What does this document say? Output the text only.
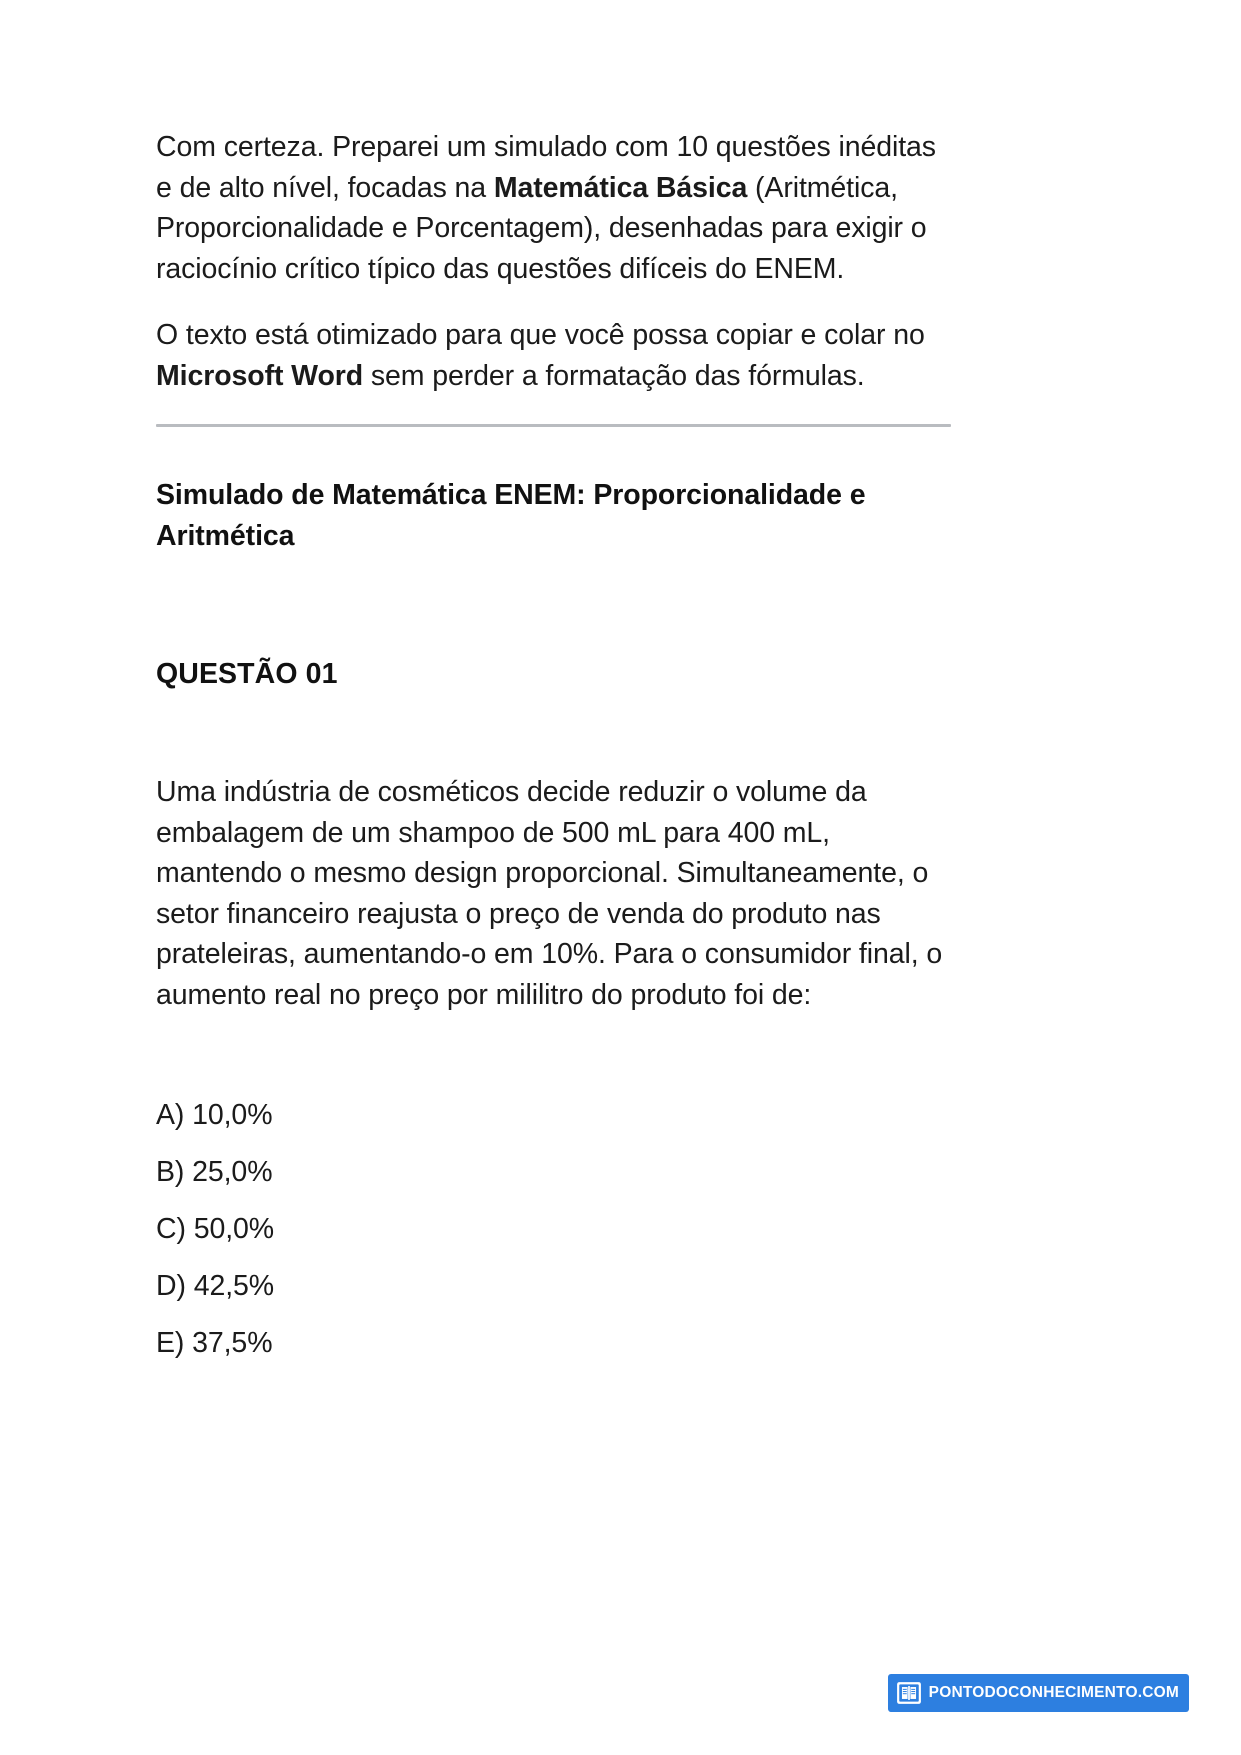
Com certeza. Preparei um simulado com 10 questões inéditas e de alto nível, focadas na Matemática Básica (Aritmética, Proporcionalidade e Porcentagem), desenhadas para exigir o raciocínio crítico típico das questões difíceis do ENEM.

O texto está otimizado para que você possa copiar e colar no Microsoft Word sem perder a formatação das fórmulas.

Simulado de Matemática ENEM: Proporcionalidade e Aritmética
QUESTÃO 01

Uma indústria de cosméticos decide reduzir o volume da embalagem de um shampoo de 500 mL para 400 mL, mantendo o mesmo design proporcional. Simultaneamente, o setor financeiro reajusta o preço de venda do produto nas prateleiras, aumentando-o em 10%. Para o consumidor final, o aumento real no preço por mililitro do produto foi de:

A) 10,0%
B) 25,0%
C) 50,0%
D) 42,5%
E) 37,5%
PONTODOCONHECIMENTO.COM
